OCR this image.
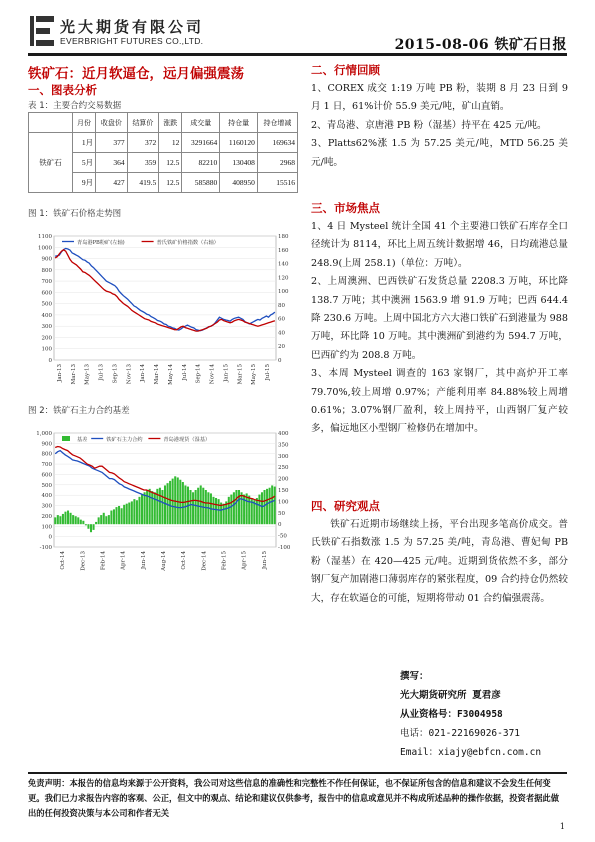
光大期货有限公司
EVERBRIGHT FUTURES CO.,LTD.	2015-08-06 铁矿石日报
铁矿石：近月软逼仓，远月偏强震荡
一、图表分析
表 1：主要合约交易数据
	月份	收盘价	结算价	涨跌	成交量	持仓量	持仓增减
铁矿石	1月	377	372	12	3291664	1160120	169634
	5月	364	359	12.5	82210	130408	2968
	9月	427	419.5	12.5	585880	408950	15516
图 1：铁矿石价格走势图
0
100
200
300
400
500
600
700
800
900
1000
1100
0
20
40
60
80
100
120
140
160
180
Jan-13 Mar-13 May-13 Jul-13 Sep-13 Nov-13 Jan-14 Mar-14 May-14 Jul-14 Sep-14 Nov-14 Jan-15 Mar-15 May-15 Jul-15
青岛港PB粉矿(左轴)	普氏铁矿价格指数（右轴）
图 2：铁矿石主力合约基差
-100
0
100
200
300
400
500
600
700
800
900
1,000
-100
-50
0
50
100
150
200
250
300
350
400
Oct-14	Dec-13	Feb-14	Apr-14	Jun-14	Aug-14	Oct-14	Dec-14	Feb-15	Apr-15	Jun-15
基差	铁矿石主力合约	青岛港现货（湿基）
二、行情回顾

1、COREX 成交 1:19 万吨 PB 粉，装期 8 月 23 日到 9 月 1 日，61%计价 55.9 美元/吨，矿山直销。

2、青岛港、京唐港 PB 粉（湿基）持平在 425 元/吨。

3、Platts62%涨 1.5 为 57.25 美元/吨，MTD 56.25 美元/吨。

三、市场焦点

1、4 日 Mysteel 统计全国 41 个主要港口铁矿石库存全口径统计为 8114，环比上周五统计数据增 46，日均疏港总量 248.9(上周 258.1)（单位：万吨）。

2、上周澳洲、巴西铁矿石发货总量 2208.3 万吨，环比降 138.7 万吨；其中澳洲 1563.9 增 91.9 万吨；巴西 644.4 降 230.6 万吨。上周中国北方六大港口铁矿石到港量为 988 万吨，环比降 10 万吨。其中澳洲矿到港约为 594.7 万吨，巴西矿约为 208.8 万吨。

3、本周 Mysteel 调查的 163 家钢厂，其中高炉开工率 79.70%,较上周增 0.97%；产能利用率 84.88%较上周增 0.61%；3.07%钢厂盈利，较上周持平，山西钢厂复产较多，偏远地区小型钢厂检修仍在增加中。

四、研究观点

铁矿石近期市场继续上扬，平台出现多笔高价成交。普氏铁矿石指数涨 1.5 为 57.25 美/吨，青岛港、曹妃甸 PB 粉（湿基）在 420—425 元/吨。近期到货依然不多，部分钢厂复产加剧港口薄弱库存的紧张程度，09 合约持仓仍然较大，存在软逼仓的可能，短期将带动 01 合约偏强震荡。

撰写：
光大期货研究所 夏君彦
从业资格号：F3004958
电话：021-22169026-371
免责声明：本报告的信息均来源于公开资料，我公司对这些信息的准确性和完整性不作任何保证，也不保证所包含的信息和建议不会发生任何变更。我们已力求报告内容的客观、公正，但文中的观点、结论和建议仅供参考，报告中的信息或意见并不构成所述品种的操作依据，投资者据此做出的任何投资决策与本公司和作者无关
1
Email：xiajy@ebfcn.com.cn
